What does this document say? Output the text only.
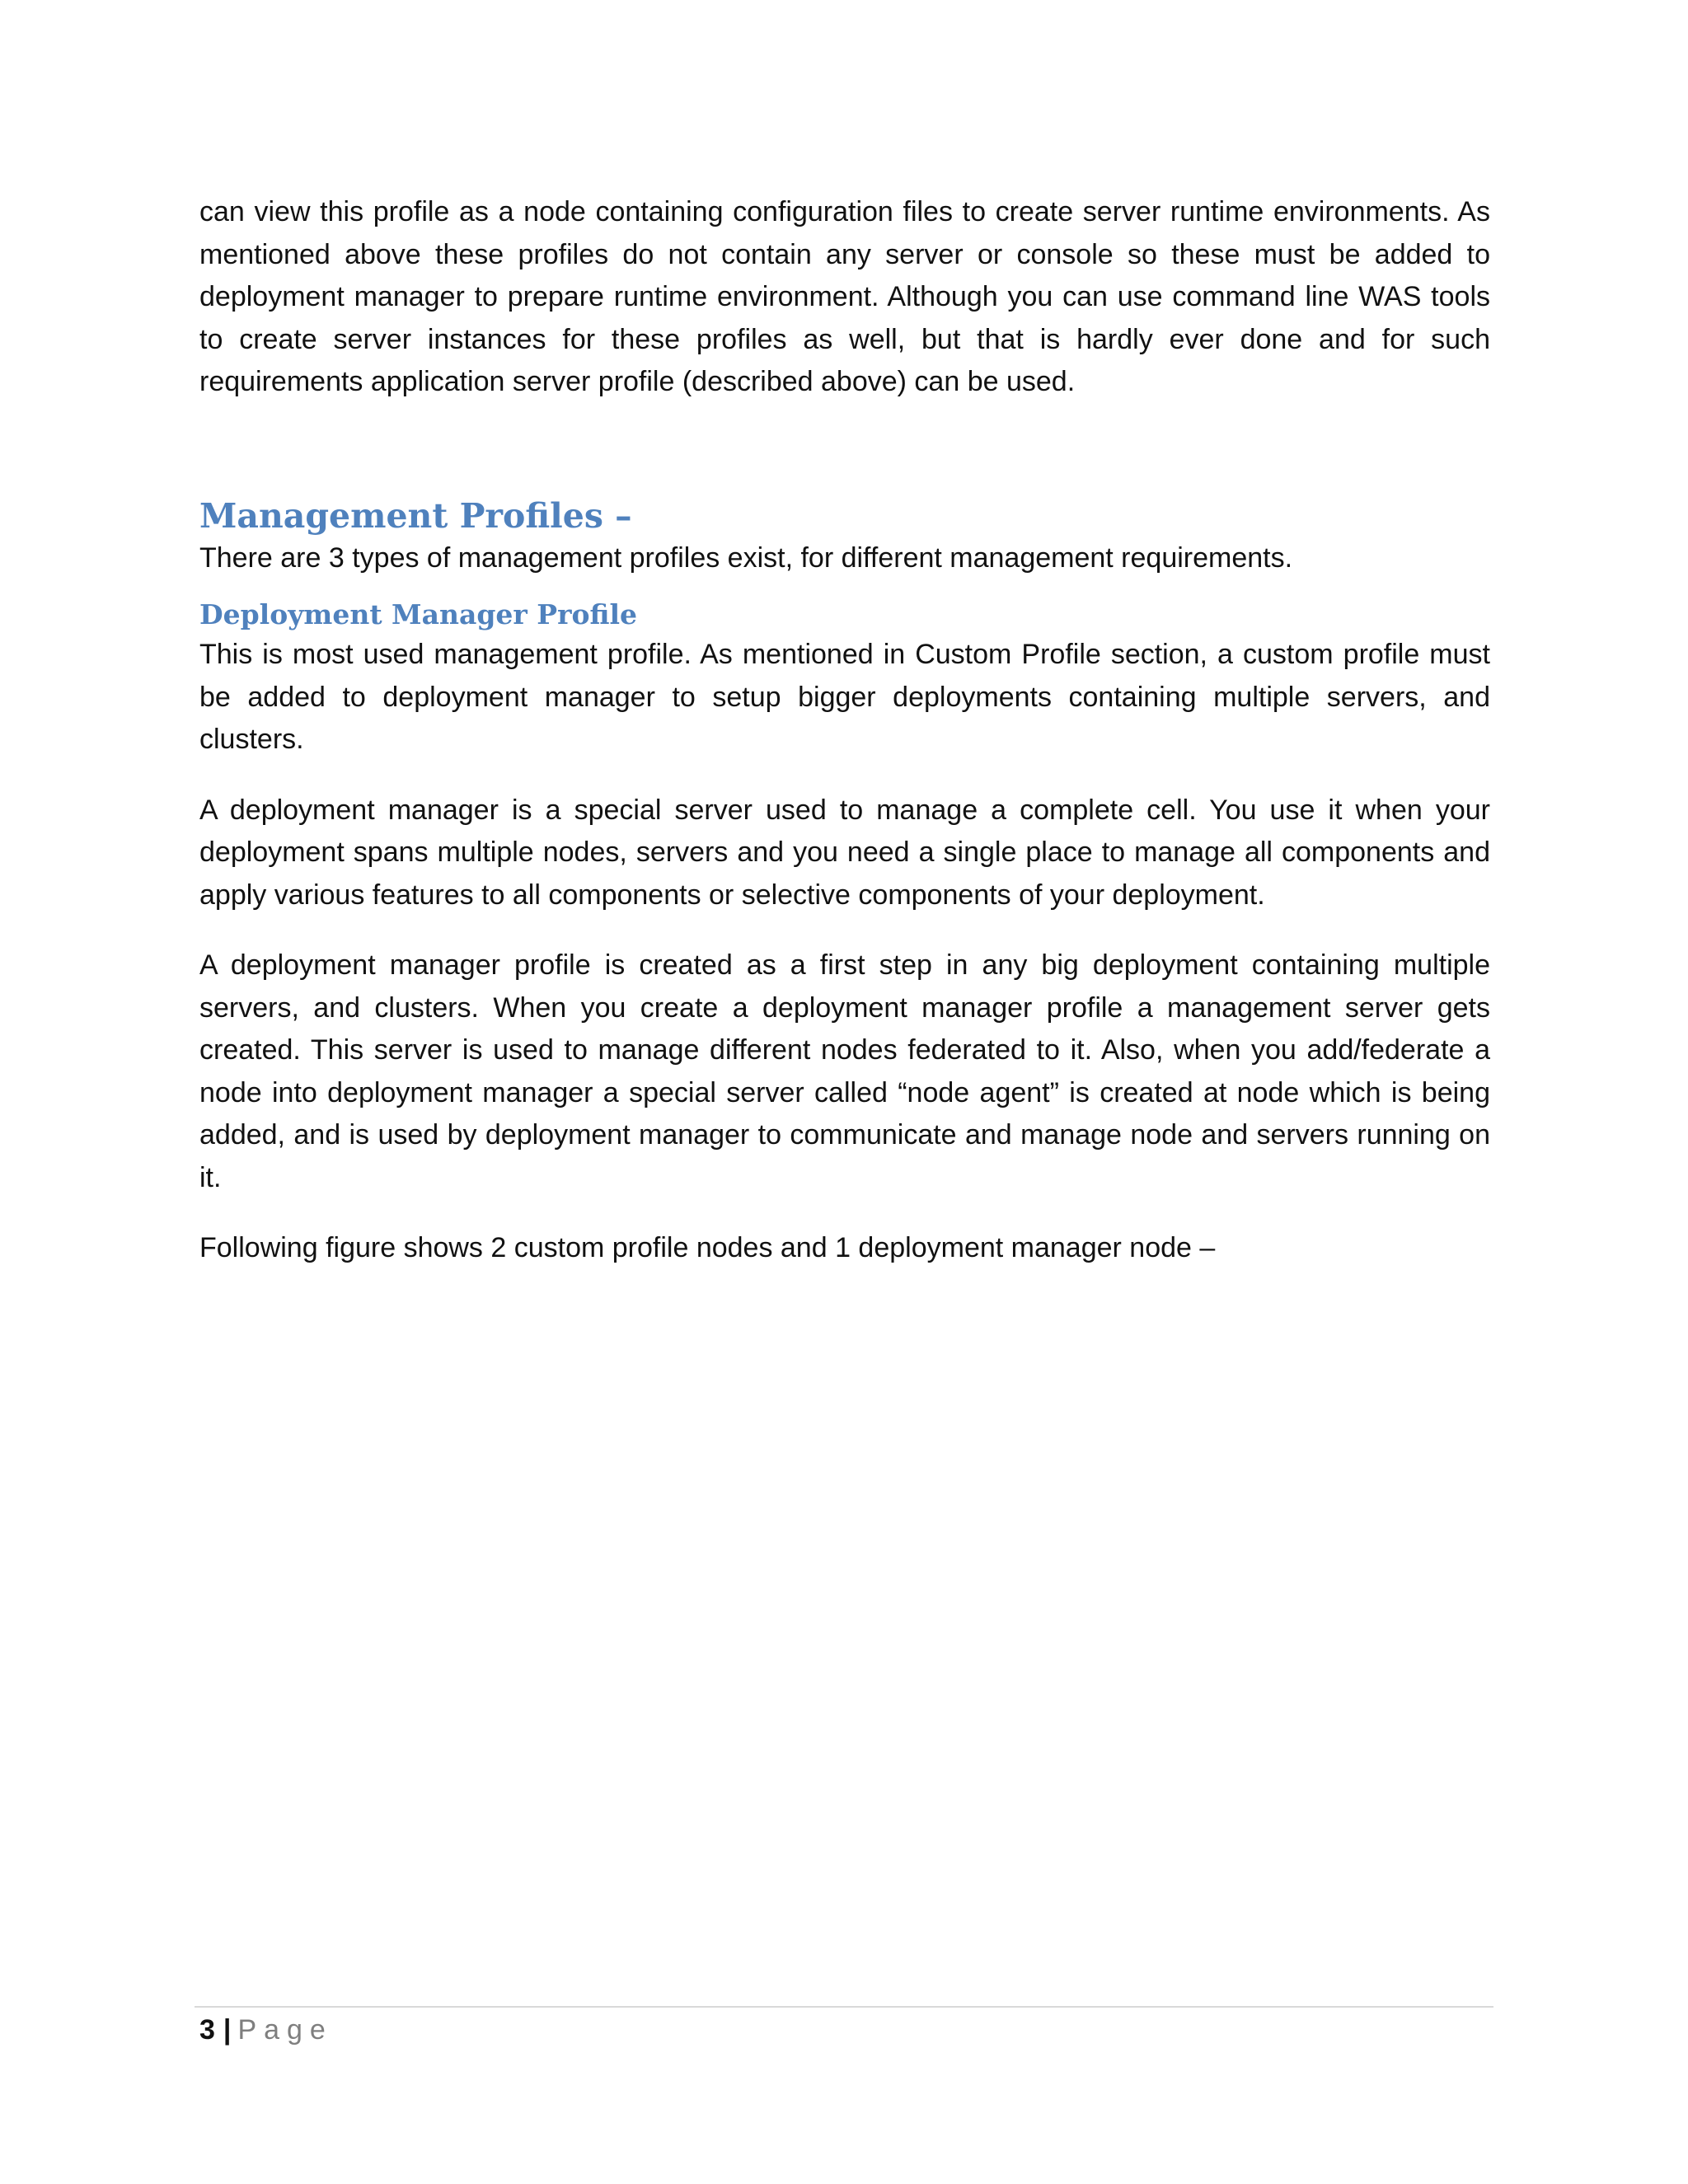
can view this profile as a node containing configuration files to create server runtime environments. As mentioned above these profiles do not contain any server or console so these must be added to deployment manager to prepare runtime environment. Although you can use command line WAS tools to create server instances for these profiles as well, but that is hardly ever done and for such requirements application server profile (described above) can be used.

Management Profiles –

There are 3 types of management profiles exist, for different management requirements.

Deployment Manager Profile

This is most used management profile. As mentioned in Custom Profile section, a custom profile must be added to deployment manager to setup bigger deployments containing multiple servers, and clusters.

A deployment manager is a special server used to manage a complete cell. You use it when your deployment spans multiple nodes, servers and you need a single place to manage all components and apply various features to all components or selective components of your deployment.

A deployment manager profile is created as a first step in any big deployment containing multiple servers, and clusters. When you create a deployment manager profile a management server gets created. This server is used to manage different nodes federated to it. Also, when you add/federate a node into deployment manager a special server called “node agent” is created at node which is being added, and is used by deployment manager to communicate and manage node and servers running on it.

Following figure shows 2 custom profile nodes and 1 deployment manager node –

3 | Page
